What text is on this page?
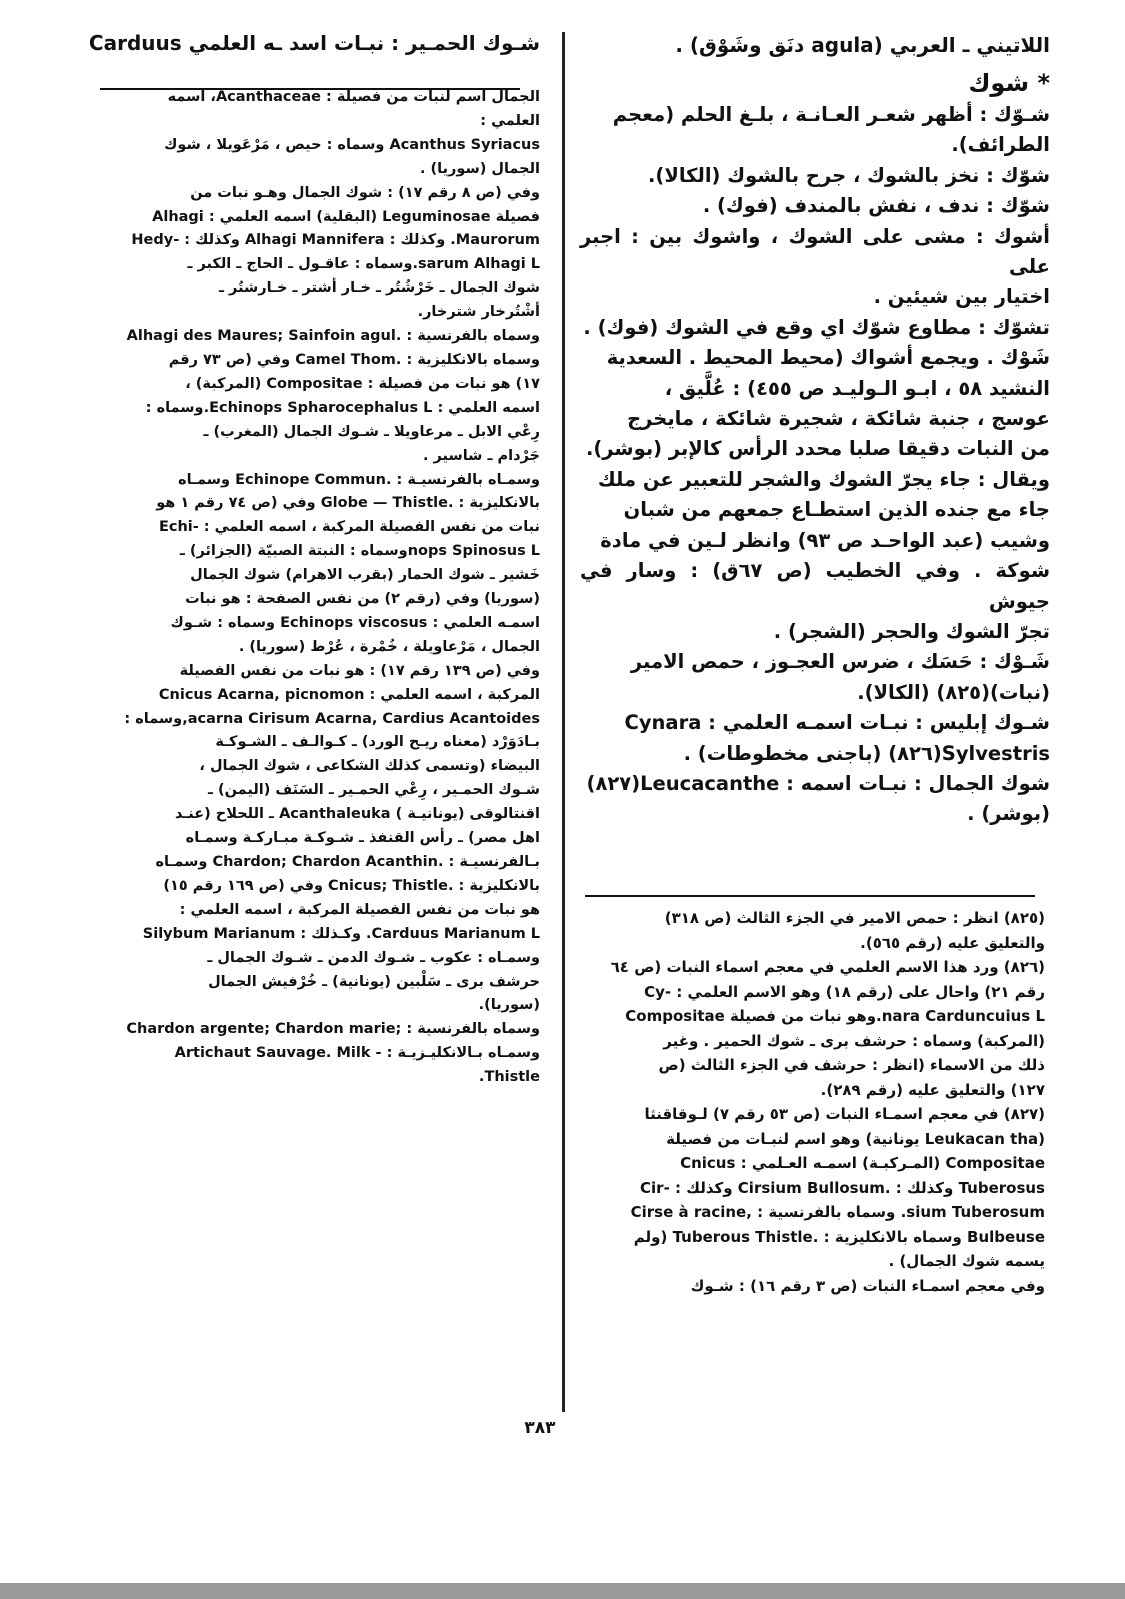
اللاتيني ـ العربي (agula دنَق وشَوْق) .

* شوك

شـوّك : أظهر شعـر العـانـة ، بلـغ الحلم (معجم

الطرائف).

شوّك : نخز بالشوك ، جرح بالشوك (الكالا).

شوّك : ندف ، نفش بالمندف (فوك) .

أشوك : مشى على الشوك ، واشوك بين : اجبر على

اختيار بين شيئين .

تشوّك : مطاوع شوّك اي وقع في الشوك (فوك) .

شَوْك . ويجمع أشواك (محيط المحيط . السعدية

النشيد ٥٨ ، ابـو الـوليـد ص ٤٥٥) : عُلَّيق ،

عوسج ، جنبة شائكة ، شجيرة شائكة ، مايخرج

من النبات دقيقا صلبا محدد الرأس كالإبر (بوشر).

ويقال : جاء يجرّ الشوك والشجر للتعبير عن ملك

جاء مع جنده الذين استطـاع جمعهم من شبان

وشيب (عبد الواحـد ص ٩٣) وانظر لـين في مادة

شوكة . وفي الخطيب (ص ٦٧ق) : وسار في جيوش

تجرّ الشوك والحجر (الشجر) .

شَـوْك : حَسَك ، ضرس العجـوز ، حمص الامير

(نبات)(٨٢٥) (الكالا).

شـوك إبليس : نبـات اسمـه العلمي : Cynara

Sylvestris(٨٢٦) (باجنى مخطوطات) .

شوك الجمال : نبـات اسمه : Leucacanthe(٨٢٧)

(بوشر) .

(٨٢٥) انظر : حمص الامير في الجزء الثالث (ص ٣١٨)

والتعليق عليه (رقم ٥٦٥).

(٨٢٦) ورد هذا الاسم العلمي في معجم اسماء النبات (ص ٦٤

رقم ٢١) واحال على (رقم ١٨) وهو الاسم العلمي : -Cy

nara Carduncuius L.وهو نبات من فصيلة Compositae

(المركبة) وسماه : حرشف برى ـ شوك الحمير . وغير

ذلك من الاسماء (انظر : حرشف في الجزء الثالث (ص

١٢٧) والتعليق عليه (رقم ٢٨٩).

(٨٢٧) في معجم اسمـاء النبات (ص ٥٣ رقم ٧) لـوقاقنثا

(Leukacan tha يونانية) وهو اسم لنبـات من فصيلة

Compositae (المـركبـة) اسمـه العـلمي : Cnicus

Tuberosus وكذلك : .Cirsium Bullosum وكذلك : -Cir

sium Tuberosum. وسماه بالفرنسية : ,Cirse à racine

Bulbeuse وسماه بالانكليزية : .Tuberous Thistle (ولم

يسمه شوك الجمال) .

وفي معجم اسمـاء النبات (ص ٣ رقم ١٦) : شـوك

شـوك الحمـير : نبـات اسد ـه العلمي Carduus

الجمال اسم لنبات من فصيلة : Acanthaceae، اسمه

العلمي :

Acanthus Syriacus وسماه : حيص ، مَرْعَويلا ، شوك

الجمال (سوريا) .

وفي (ص ٨ رقم ١٧) : شوك الجمال وهـو نبات من

فصيلة Leguminosae (البقلية) اسمه العلمي : Alhagi

Maurorum. وكذلك : Alhagi Mannifera وكذلك : -Hedy

sarum Alhagi L.وسماه : عاقـول ـ الحاج ـ الكبر ـ

شوك الجمال ـ خَرْشُتُر ـ خـار أشتر ـ خـارشتُر ـ

أشْتُرخار شترخار.

وسماه بالفرنسية : .Alhagi des Maures; Sainfoin agul

وسماه بالانكليزية : .Camel Thom وفي (ص ٧٣ رقم

١٧) هو نبات من فصيلة : Compositae (المركبة) ،

اسمه العلمي : Echinops Spharocephalus L.وسماه :

رِعْي الابل ـ مرعاويلا ـ شـوك الجمال (المغرب) ـ

جَرْدام ـ شاسير .

وسمـاه بالفرنسيـة : .Echinope Commun وسمـاه

بالانكليزية : .Globe — Thistle وفي (ص ٧٤ رقم ١ هو

نبات من نفس الفصيلة المركبة ، اسمه العلمي : -Echi

nops Spinosus Lوسماه : النبتة الصبيّة (الجزائر) ـ

خَشير ـ شوك الحمار (بقرب الاهرام) شوك الجمال

(سوريا) وفي (رقم ٢) من نفس الصفحة : هو نبات

اسمـه العلمي : Echinops viscosus وسماه : شـوك

الجمال ، مَرْعاويلة ، خُمْرة ، عُرْط (سوريا) .

وفي (ص ١٣٩ رقم ١٧) : هو نبات من نفس الفصيلة

المركبة ، اسمه العلمي : Cnicus Acarna, picnomon

acarna Cirisum Acarna, Cardius Acantoides,وسماه :

بـادَوَرْد (معناه ريـح الورد) ـ كـوالـف ـ الشـوكـة

البيضاء (وتسمى كذلك الشكاعى ، شوك الجمال ،

شـوك الحمـير ، رِعْي الحمـير ـ السَنَف (اليمن) ـ

اقنتالوقى (يونانيـة ) Acanthaleuka ـ اللحلاح (عنـد

اهل مصر) ـ رأس القنفذ ـ شـوكـة مبـاركـة وسمـاه

بـالفرنسيـة : .Chardon; Chardon Acanthin وسمـاه

بالانكليزية : .Cnicus; Thistle وفي (ص ١٦٩ رقم ١٥)

هو نبات من نفس الفصيلة المركبة ، اسمه العلمي :

Carduus Marianum L. وكـذلك : Silybum Marianum

وسمـاه : عكوب ـ شـوك الدمن ـ شـوك الجمال ـ

حرشف برى ـ سَلْبين (يونانية) ـ خُرْفيش الجمال

(سوريا).

وسماه بالفرنسية : ;Chardon argente; Chardon marie

وسمـاه بـالانكليـزيـة : - Artichaut Sauvage. Milk

Thistle.

٣٨٣
